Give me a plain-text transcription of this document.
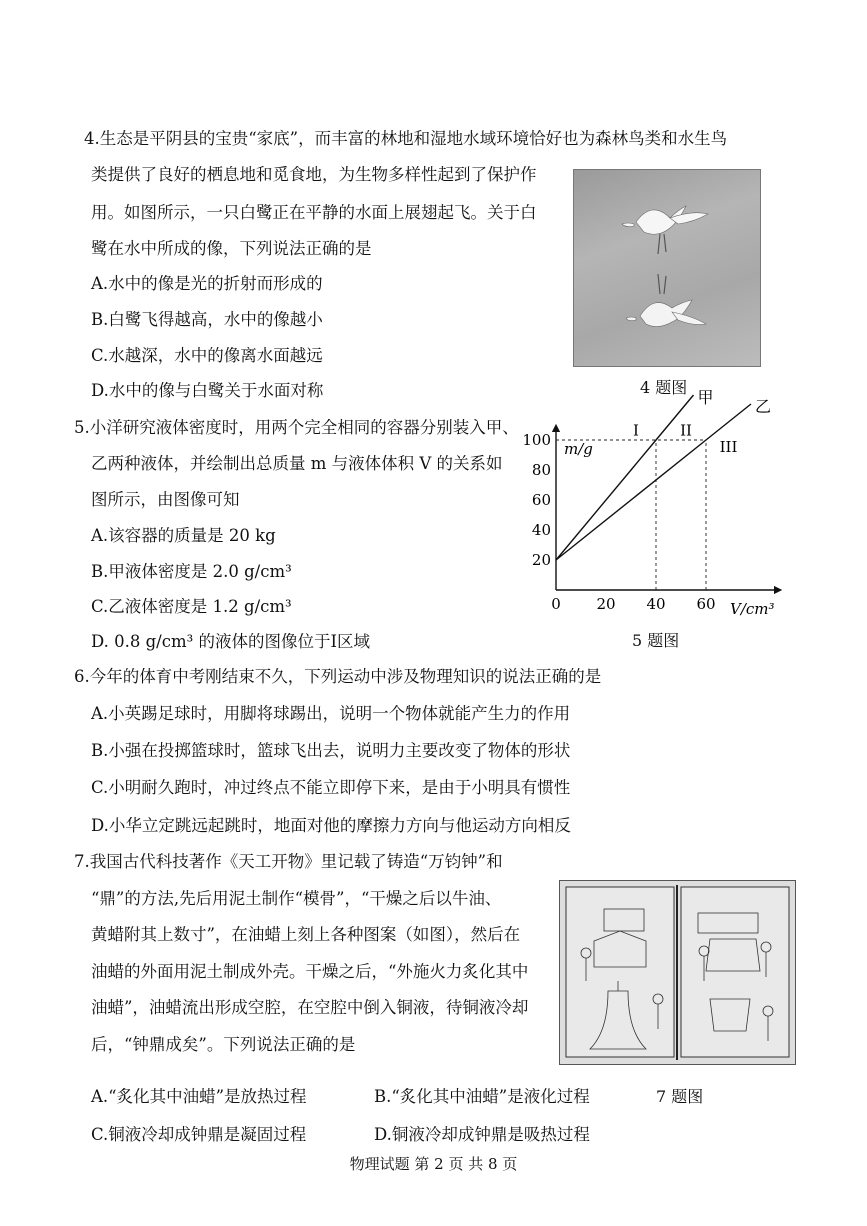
4.生态是平阴县的宝贵“家底”，而丰富的林地和湿地水域环境恰好也为森林鸟类和水生鸟
类提供了良好的栖息地和觅食地，为生物多样性起到了保护作
用。如图所示，一只白鹭正在平静的水面上展翅起飞。关于白
鹭在水中所成的像，下列说法正确的是
A.水中的像是光的折射而形成的
B.白鹭飞得越高，水中的像越小
C.水越深，水中的像离水面越远
D.水中的像与白鹭关于水面对称	4 题图
5.小洋研究液体密度时，用两个完全相同的容器分别装入甲、
乙两种液体，并绘制出总质量 m 与液体体积 V 的关系如
图所示，由图像可知
A.该容器的质量是 20 kg
B.甲液体密度是 2.0 g/cm³
C.乙液体密度是 1.2 g/cm³
D. 0.8 g/cm³ 的液体的图像位于Ⅰ区域
m/g
V/cm³
0 20 40 60
20
40
60
80
100
甲	乙
I	II
III
5 题图
6.今年的体育中考刚结束不久，下列运动中涉及物理知识的说法正确的是
A.小英踢足球时，用脚将球踢出，说明一个物体就能产生力的作用
B.小强在投掷篮球时，篮球飞出去，说明力主要改变了物体的形状
C.小明耐久跑时，冲过终点不能立即停下来，是由于小明具有惯性
D.小华立定跳远起跳时，地面对他的摩擦力方向与他运动方向相反
7.我国古代科技著作《天工开物》里记载了铸造“万钧钟”和
“鼎”的方法,先后用泥土制作“模骨”，“干燥之后以牛油、
黄蜡附其上数寸”，在油蜡上刻上各种图案（如图），然后在
油蜡的外面用泥土制成外壳。干燥之后，“外施火力炙化其中
油蜡”，油蜡流出形成空腔，在空腔中倒入铜液，待铜液冷却
后，“钟鼎成矣”。下列说法正确的是
A.“炙化其中油蜡”是放热过程	B.“炙化其中油蜡”是液化过程
C.铜液冷却成钟鼎是凝固过程	D.铜液冷却成钟鼎是吸热过程
7 题图
物理试题 第 2 页 共 8 页
